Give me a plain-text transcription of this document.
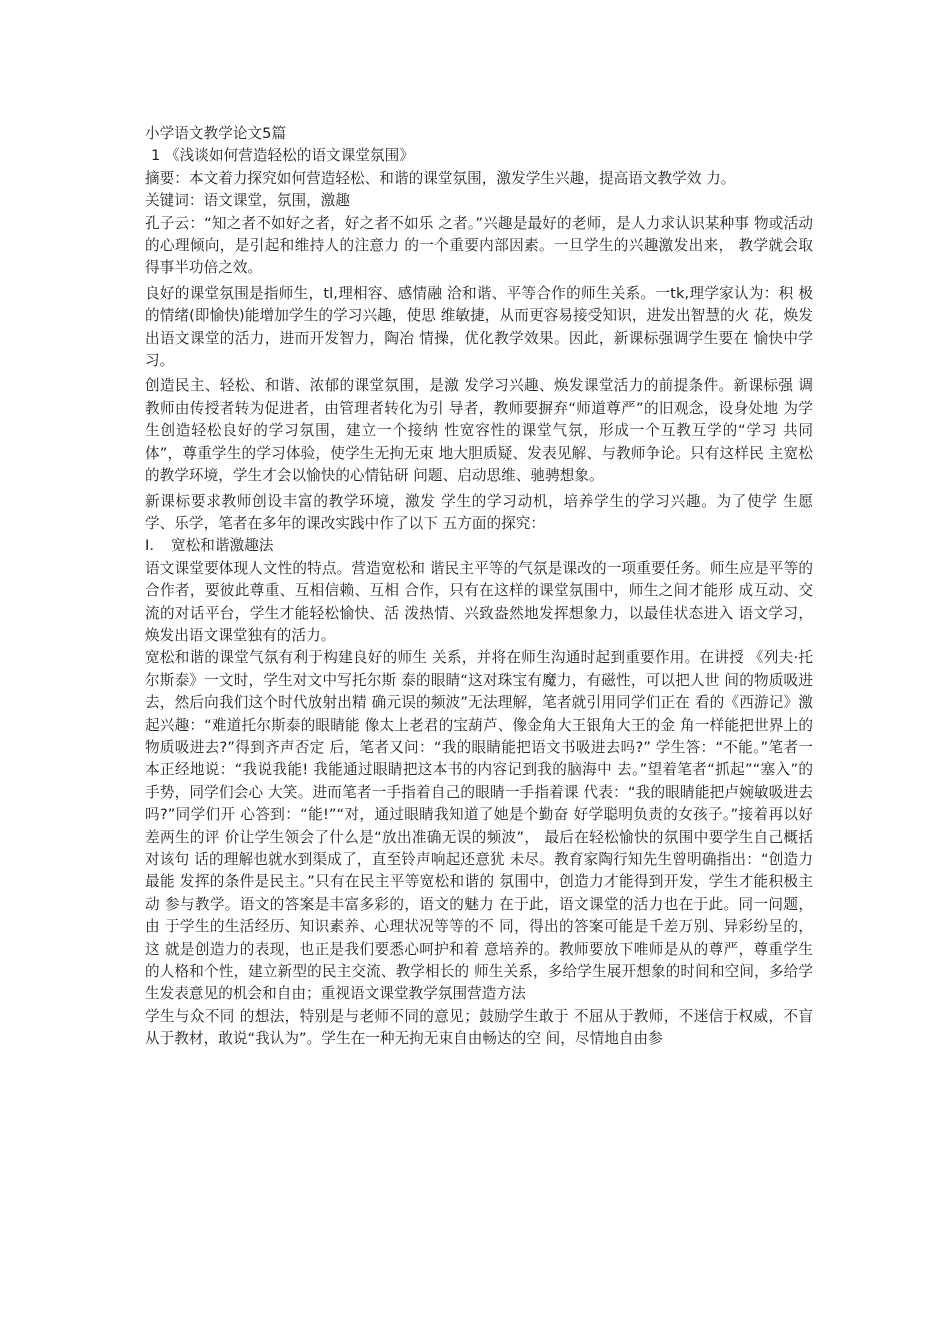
小学语文教学论文5篇

1 《浅谈如何营造轻松的语文课堂氛围》

摘要：本文着力探究如何营造轻松、和谐的课堂氛围，激发学生兴趣，提高语文教学效 力。

关键词：语文课堂，氛围，激趣

孔子云：“知之者不如好之者，好之者不如乐 之者。”兴趣是最好的老师，是人力求认识某种事 物或活动的心理倾向，是引起和维持人的注意力 的一个重要内部因素。一旦学生的兴趣激发出来， 教学就会取得事半功倍之效。

良好的课堂氛围是指师生，tl,理相容、感情融 洽和谐、平等合作的师生关系。一tk,理学家认为：积 极的情绪(即愉快)能增加学生的学习兴趣，使思 维敏捷，从而更容易接受知识，进发出智慧的火 花，焕发出语文课堂的活力，进而开发智力，陶冶 情操，优化教学效果。因此，新课标强调学生要在 愉快中学习。

创造民主、轻松、和谐、浓郁的课堂氛围，是激 发学习兴趣、焕发课堂活力的前提条件。新课标强 调教师由传授者转为促进者，由管理者转化为引 导者，教师要摒弃“师道尊严”的旧观念，设身处地 为学生创造轻松良好的学习氛围，建立一个接纳 性宽容性的课堂气氛，形成一个互教互学的“学习 共同体”，尊重学生的学习体验，使学生无拘无束 地大胆质疑、发表见解、与教师争论。只有这样民 主宽松的教学环境，学生才会以愉快的心情钻研 问题、启动思维、驰骋想象。

新课标要求教师创设丰富的教学环境，激发 学生的学习动机，培养学生的学习兴趣。为了使学 生愿学、乐学，笔者在多年的课改实践中作了以下 五方面的探究：

I. 宽松和谐激趣法

语文课堂要体现人文性的特点。营造宽松和 谐民主平等的气氛是课改的一项重要任务。师生应是平等的合作者，要彼此尊重、互相信赖、互相 合作，只有在这样的课堂氛围中，师生之间才能形 成互动、交流的对话平台，学生才能轻松愉快、活 泼热情、兴致盎然地发挥想象力，以最佳状态进入 语文学习，焕发出语文课堂独有的活力。

宽松和谐的课堂气氛有利于构建良好的师生 关系，并将在师生沟通时起到重要作用。在讲授 《列夫·托尔斯泰》一文时，学生对文中写托尔斯 泰的眼睛“这对珠宝有魔力，有磁性，可以把人世 间的物质吸进去，然后向我们这个时代放射出精 确元误的频波”无法理解，笔者就引用同学们正在 看的《西游记》激起兴趣：“难道托尔斯泰的眼睛能 像太上老君的宝葫芦、像金角大王银角大王的金 角一样能把世界上的物质吸进去?”得到齐声否定 后，笔者又问：“我的眼睛能把语文书吸进去吗?” 学生答：“不能。”笔者一本正经地说：“我说我能! 我能通过眼睛把这本书的内容记到我的脑海中 去。”望着笔者“抓起”“塞入”的手势，同学们会心 大笑。进而笔者一手指着自己的眼睛一手指着课 代表：“我的眼睛能把卢婉敏吸进去吗?”同学们开 心答到：“能!”“对，通过眼睛我知道了她是个勤奋 好学聪明负责的女孩子。”接着再以好差两生的评 价让学生领会了什么是“放出准确无误的频波”， 最后在轻松愉快的氛围中要学生自己概括对该句 话的理解也就水到渠成了，直至铃声响起还意犹 未尽。教育家陶行知先生曾明确指出：“创造力最能 发挥的条件是民主。”只有在民主平等宽松和谐的 氛围中，创造力才能得到开发，学生才能积极主动 参与教学。语文的答案是丰富多彩的，语文的魅力 在于此，语文课堂的活力也在于此。同一问题，由 于学生的生活经历、知识素养、心理状况等等的不 同，得出的答案可能是千差万别、异彩纷呈的，这 就是创造力的表现，也正是我们要悉心呵护和着 意培养的。教师要放下唯师是从的尊严，尊重学生 的人格和个性，建立新型的民主交流、教学相长的 师生关系，多给学生展开想象的时间和空间，多给学生发表意见的机会和自由；重视语文课堂教学氛围营造方法

学生与众不同 的想法，特别是与老师不同的意见；鼓励学生敢于 不屈从于教师，不迷信于权威，不盲从于教材，敢说“我认为”。学生在一种无拘无束自由畅达的空 间，尽情地自由参
